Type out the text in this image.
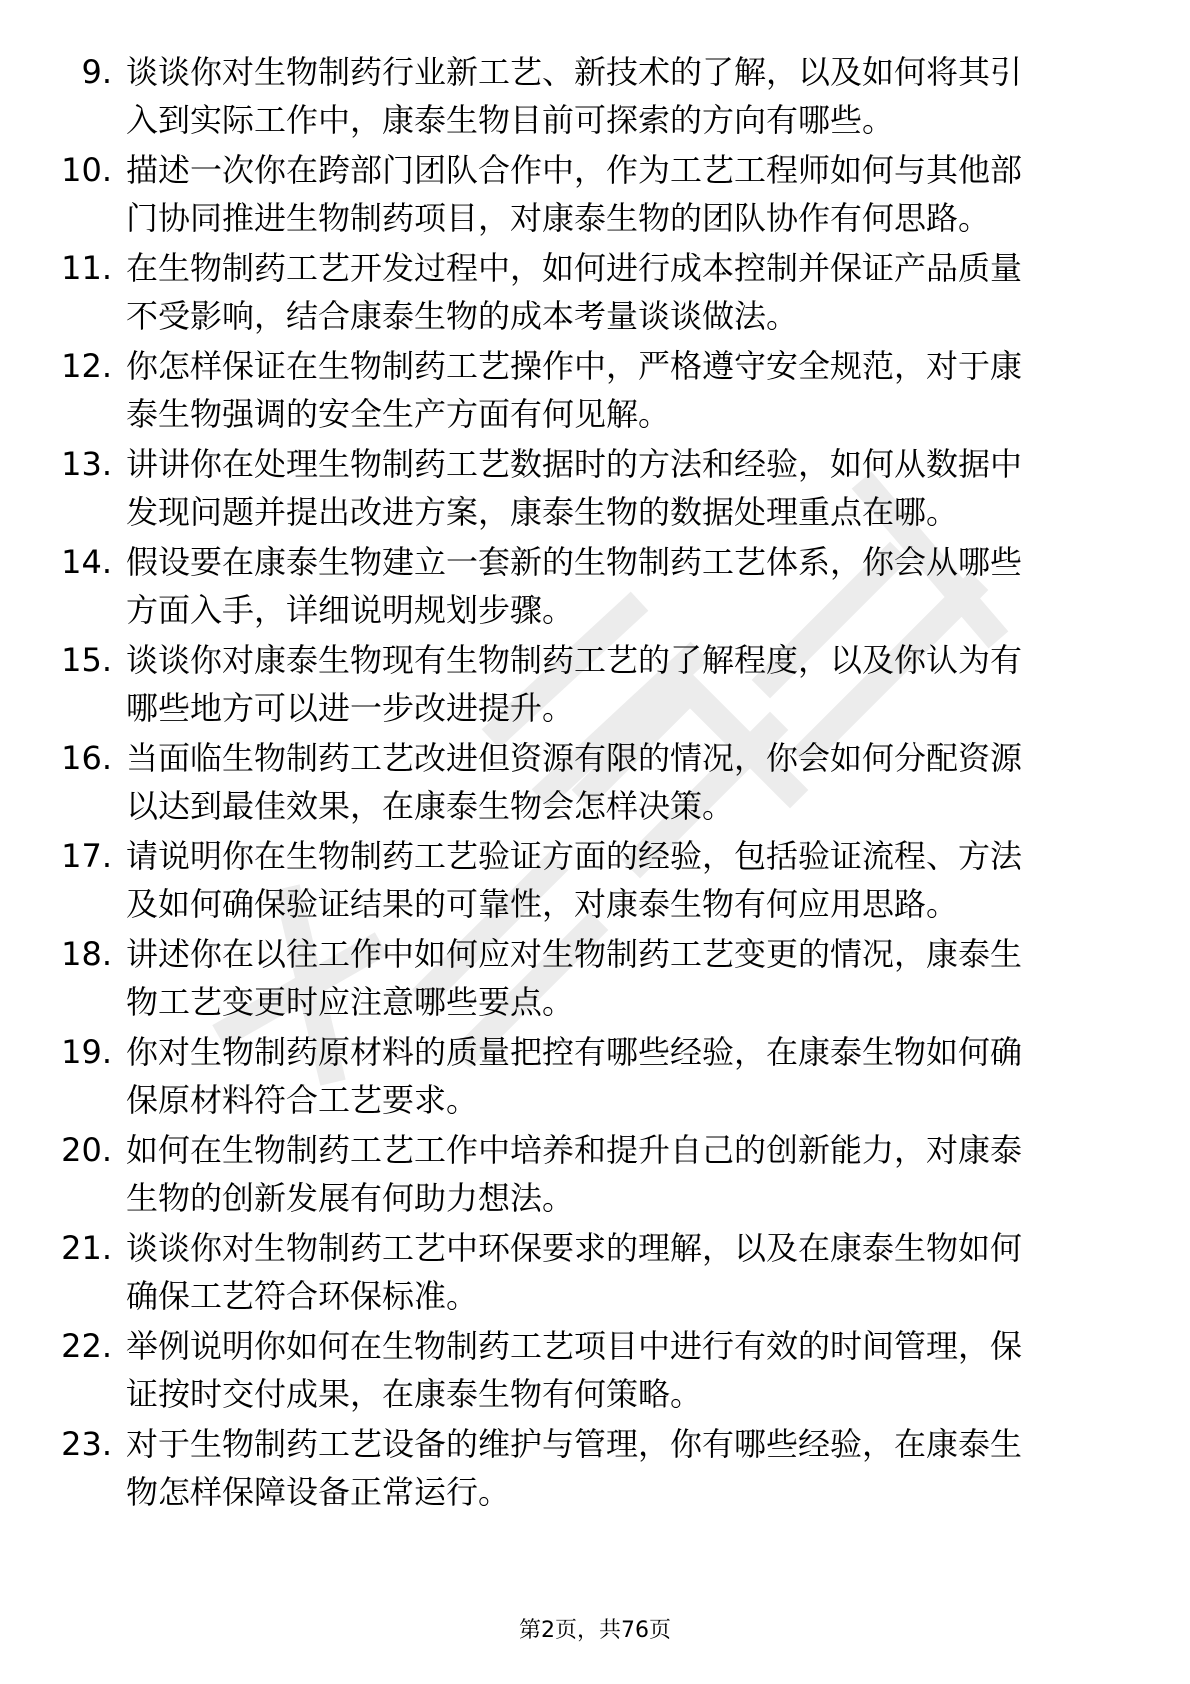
9. 谈谈你对生物制药行业新工艺、新技术的了解，以及如何将其引
入到实际工作中，康泰生物目前可探索的方向有哪些。
10. 描述一次你在跨部门团队合作中，作为工艺工程师如何与其他部
门协同推进生物制药项目，对康泰生物的团队协作有何思路。
11. 在生物制药工艺开发过程中，如何进行成本控制并保证产品质量
不受影响，结合康泰生物的成本考量谈谈做法。
12. 你怎样保证在生物制药工艺操作中，严格遵守安全规范，对于康
泰生物强调的安全生产方面有何见解。
13. 讲讲你在处理生物制药工艺数据时的方法和经验，如何从数据中
发现问题并提出改进方案，康泰生物的数据处理重点在哪。
14. 假设要在康泰生物建立一套新的生物制药工艺体系，你会从哪些
方面入手，详细说明规划步骤。
15. 谈谈你对康泰生物现有生物制药工艺的了解程度，以及你认为有
哪些地方可以进一步改进提升。
16. 当面临生物制药工艺改进但资源有限的情况，你会如何分配资源
以达到最佳效果，在康泰生物会怎样决策。
17. 请说明你在生物制药工艺验证方面的经验，包括验证流程、方法
及如何确保验证结果的可靠性，对康泰生物有何应用思路。
18. 讲述你在以往工作中如何应对生物制药工艺变更的情况，康泰生
物工艺变更时应注意哪些要点。
19. 你对生物制药原材料的质量把控有哪些经验，在康泰生物如何确
保原材料符合工艺要求。
20. 如何在生物制药工艺工作中培养和提升自己的创新能力，对康泰
生物的创新发展有何助力想法。
21. 谈谈你对生物制药工艺中环保要求的理解，以及在康泰生物如何
确保工艺符合环保标准。
22. 举例说明你如何在生物制药工艺项目中进行有效的时间管理，保
证按时交付成果，在康泰生物有何策略。
23. 对于生物制药工艺设备的维护与管理，你有哪些经验，在康泰生
物怎样保障设备正常运行。
第2页，共76页
